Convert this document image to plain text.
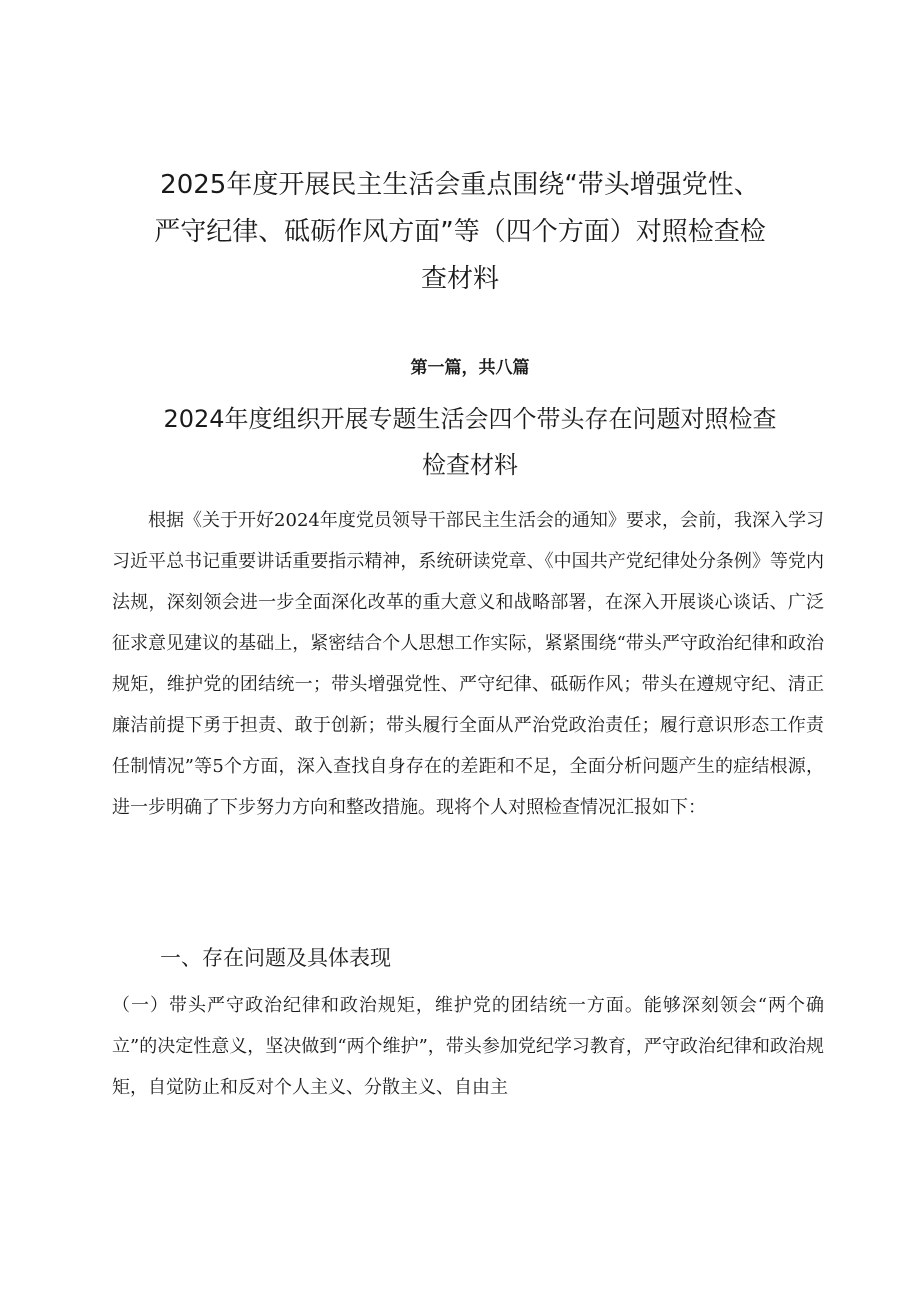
2025年度开展民主生活会重点围绕“带头增强党性、严守纪律、砥砺作风方面”等（四个方面）对照检查检查材料
第一篇，共八篇
2024年度组织开展专题生活会四个带头存在问题对照检查检查材料

根据《关于开好2024年度党员领导干部民主生活会的通知》要求，会前，我深入学习习近平总书记重要讲话重要指示精神，系统研读党章、《中国共产党纪律处分条例》等党内法规，深刻领会进一步全面深化改革的重大意义和战略部署，在深入开展谈心谈话、广泛征求意见建议的基础上，紧密结合个人思想工作实际，紧紧围绕“带头严守政治纪律和政治规矩，维护党的团结统一；带头增强党性、严守纪律、砥砺作风；带头在遵规守纪、清正廉洁前提下勇于担责、敢于创新；带头履行全面从严治党政治责任；履行意识形态工作责任制情况”等5个方面，深入查找自身存在的差距和不足，全面分析问题产生的症结根源，进一步明确了下步努力方向和整改措施。现将个人对照检查情况汇报如下：

一、存在问题及具体表现

（一）带头严守政治纪律和政治规矩，维护党的团结统一方面。能够深刻领会“两个确立”的决定性意义，坚决做到“两个维护”，带头参加党纪学习教育，严守政治纪律和政治规矩，自觉防止和反对个人主义、分散主义、自由主
